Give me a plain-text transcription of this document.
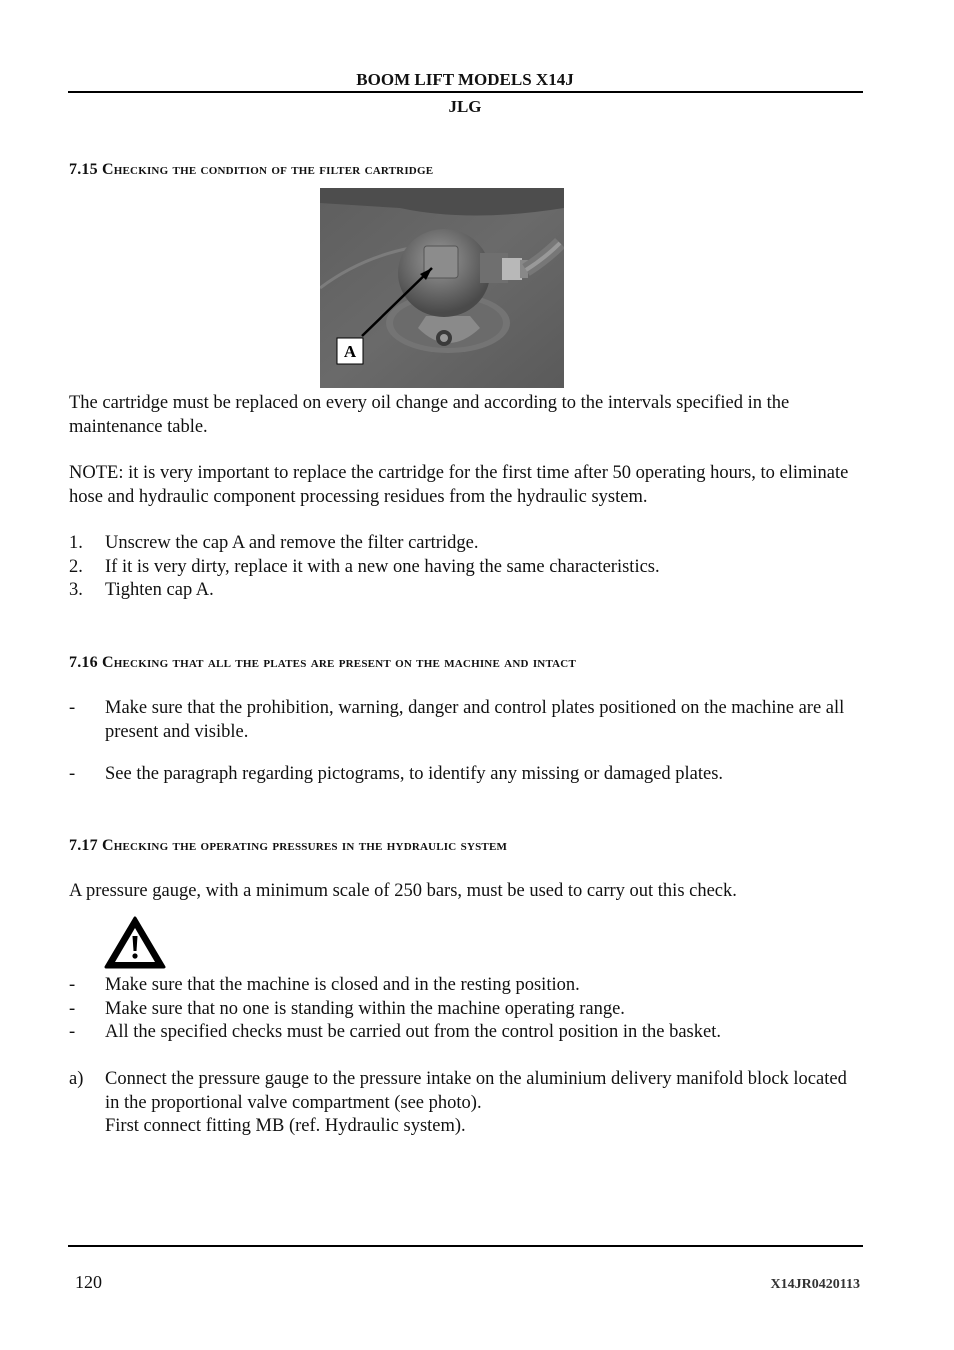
BOOM LIFT MODELS X14J
JLG
7.15 Checking the condition of the filter cartridge
A
The cartridge must be replaced on every oil change and according to the intervals specified in the maintenance table.
NOTE: it is very important to replace the cartridge for the first time after 50 operating hours, to eliminate hose and hydraulic component processing residues from the hydraulic system.
1. Unscrew the cap A and remove the filter cartridge.
2. If it is very dirty, replace it with a new one having the same characteristics.
3. Tighten cap A.
7.16 Checking that all the plates are present on the machine and intact
- Make sure that the prohibition, warning, danger and control plates positioned on the machine are all present and visible.
- See the paragraph regarding pictograms, to identify any missing or damaged plates.
7.17 Checking the operating pressures in the hydraulic system
A pressure gauge, with a minimum scale of 250 bars, must be used to carry out this check.
- Make sure that the machine is closed and in the resting position.
- Make sure that no one is standing within the machine operating range.
- All the specified checks must be carried out from the control position in the basket.
a) Connect the pressure gauge to the pressure intake on the aluminium delivery manifold block located in the proportional valve compartment (see photo).
First connect fitting MB (ref. Hydraulic system).
120	X14JR0420113
